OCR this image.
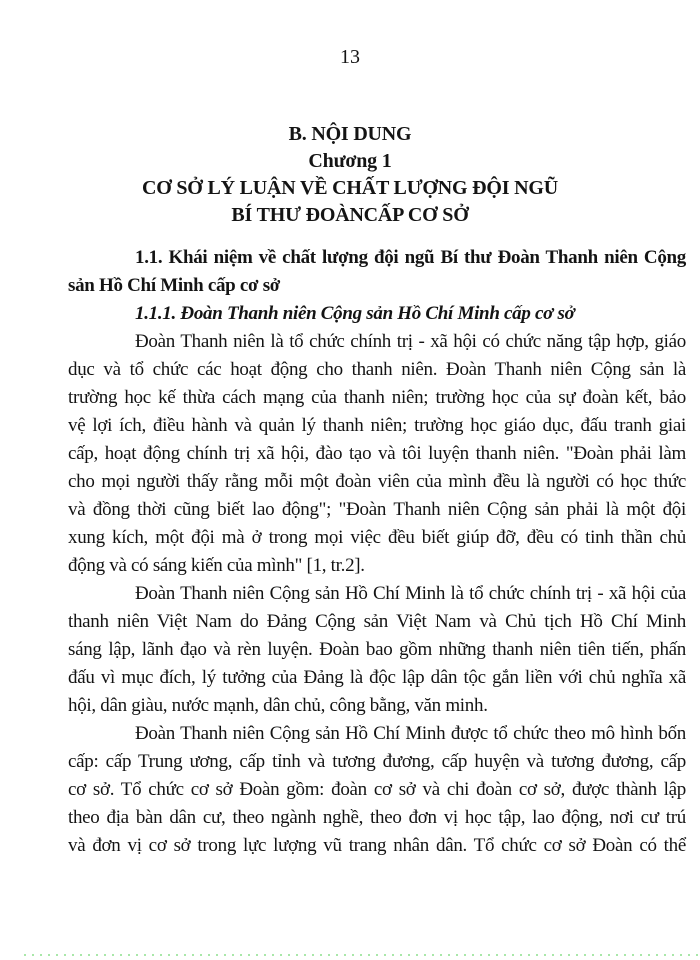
13
B. NỘI DUNG
Chương 1
CƠ SỞ LÝ LUẬN VỀ CHẤT LƯỢNG ĐỘI NGŨ
BÍ THƯ ĐOÀNCẤP CƠ SỞ
1.1. Khái niệm về chất lượng đội ngũ Bí thư Đoàn Thanh niên Cộng
sản Hồ Chí Minh cấp cơ sở
1.1.1. Đoàn Thanh niên Cộng sản Hồ Chí Minh cấp cơ sở
Đoàn Thanh niên là tổ chức chính trị - xã hội có chức năng tập hợp, giáo
dục và tổ chức các hoạt động cho thanh niên. Đoàn Thanh niên Cộng sản là
trường học kế thừa cách mạng của thanh niên; trường học của sự đoàn kết, bảo
vệ lợi ích, điều hành và quản lý thanh niên; trường học giáo dục, đấu tranh giai
cấp, hoạt động chính trị xã hội, đào tạo và tôi luyện thanh niên. "Đoàn phải làm
cho mọi người thấy rằng mỗi một đoàn viên của mình đều là người có học thức
và đồng thời cũng biết lao động"; "Đoàn Thanh niên Cộng sản phải là một đội
xung kích, một đội mà ở trong mọi việc đều biết giúp đỡ, đều có tinh thần chủ
động và có sáng kiến của mình" [1, tr.2].
Đoàn Thanh niên Cộng sản Hồ Chí Minh là tổ chức chính trị - xã hội của
thanh niên Việt Nam do Đảng Cộng sản Việt Nam và Chủ tịch Hồ Chí Minh
sáng lập, lãnh đạo và rèn luyện. Đoàn bao gồm những thanh niên tiên tiến, phấn
đấu vì mục đích, lý tưởng của Đảng là độc lập dân tộc gắn liền với chủ nghĩa xã
hội, dân giàu, nước mạnh, dân chủ, công bằng, văn minh.
Đoàn Thanh niên Cộng sản Hồ Chí Minh được tổ chức theo mô hình bốn
cấp: cấp Trung ương, cấp tỉnh và tương đương, cấp huyện và tương đương, cấp
cơ sở. Tổ chức cơ sở Đoàn gồm: đoàn cơ sở và chi đoàn cơ sở, được thành lập
theo địa bàn dân cư, theo ngành nghề, theo đơn vị học tập, lao động, nơi cư trú
và đơn vị cơ sở trong lực lượng vũ trang nhân dân. Tổ chức cơ sở Đoàn có thể
